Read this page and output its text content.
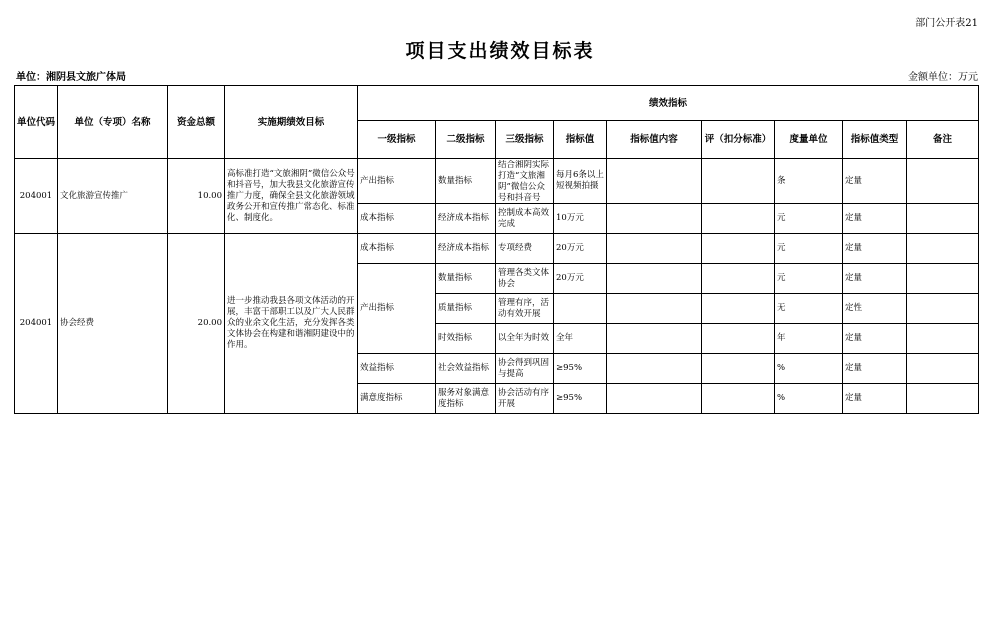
部门公开表21
项目支出绩效目标表
单位：湘阴县文旅广体局	金额单位：万元
单位代码	单位（专项）名称	资金总额	实施期绩效目标	绩效指标								
				一级指标	二级指标	三级指标	指标值	指标值内容	评（扣分标准）	度量单位	指标值类型	备注
204001	文化旅游宣传推广	10.00	高标准打造“文旅湘阴”微信公众号和抖音号，加大我县文化旅游宣传推广力度，确保全县文化旅游领域政务公开和宣传推广常态化、标准化、制度化。	产出指标	数量指标	结合湘阴实际打造“文旅湘阴”微信公众号和抖音号	每月6条以上短视频拍摄			条	定量	
				成本指标	经济成本指标	控制成本高效完成	10万元			元	定量	
204001	协会经费	20.00	进一步推动我县各项文体活动的开展，丰富干部职工以及广大人民群众的业余文化生活，充分发挥各类文体协会在构建和谐湘阴建设中的作用。	成本指标	经济成本指标	专项经费	20万元			元	定量	
				产出指标	数量指标	管理各类文体协会	20万元			元	定量	
					质量指标	管理有序，活动有效开展				无	定性	
					时效指标	以全年为时效	全年			年	定量	
				效益指标	社会效益指标	协会得到巩固与提高	≥95%			%	定量	
				满意度指标	服务对象满意度指标	协会活动有序开展	≥95%			%	定量	
